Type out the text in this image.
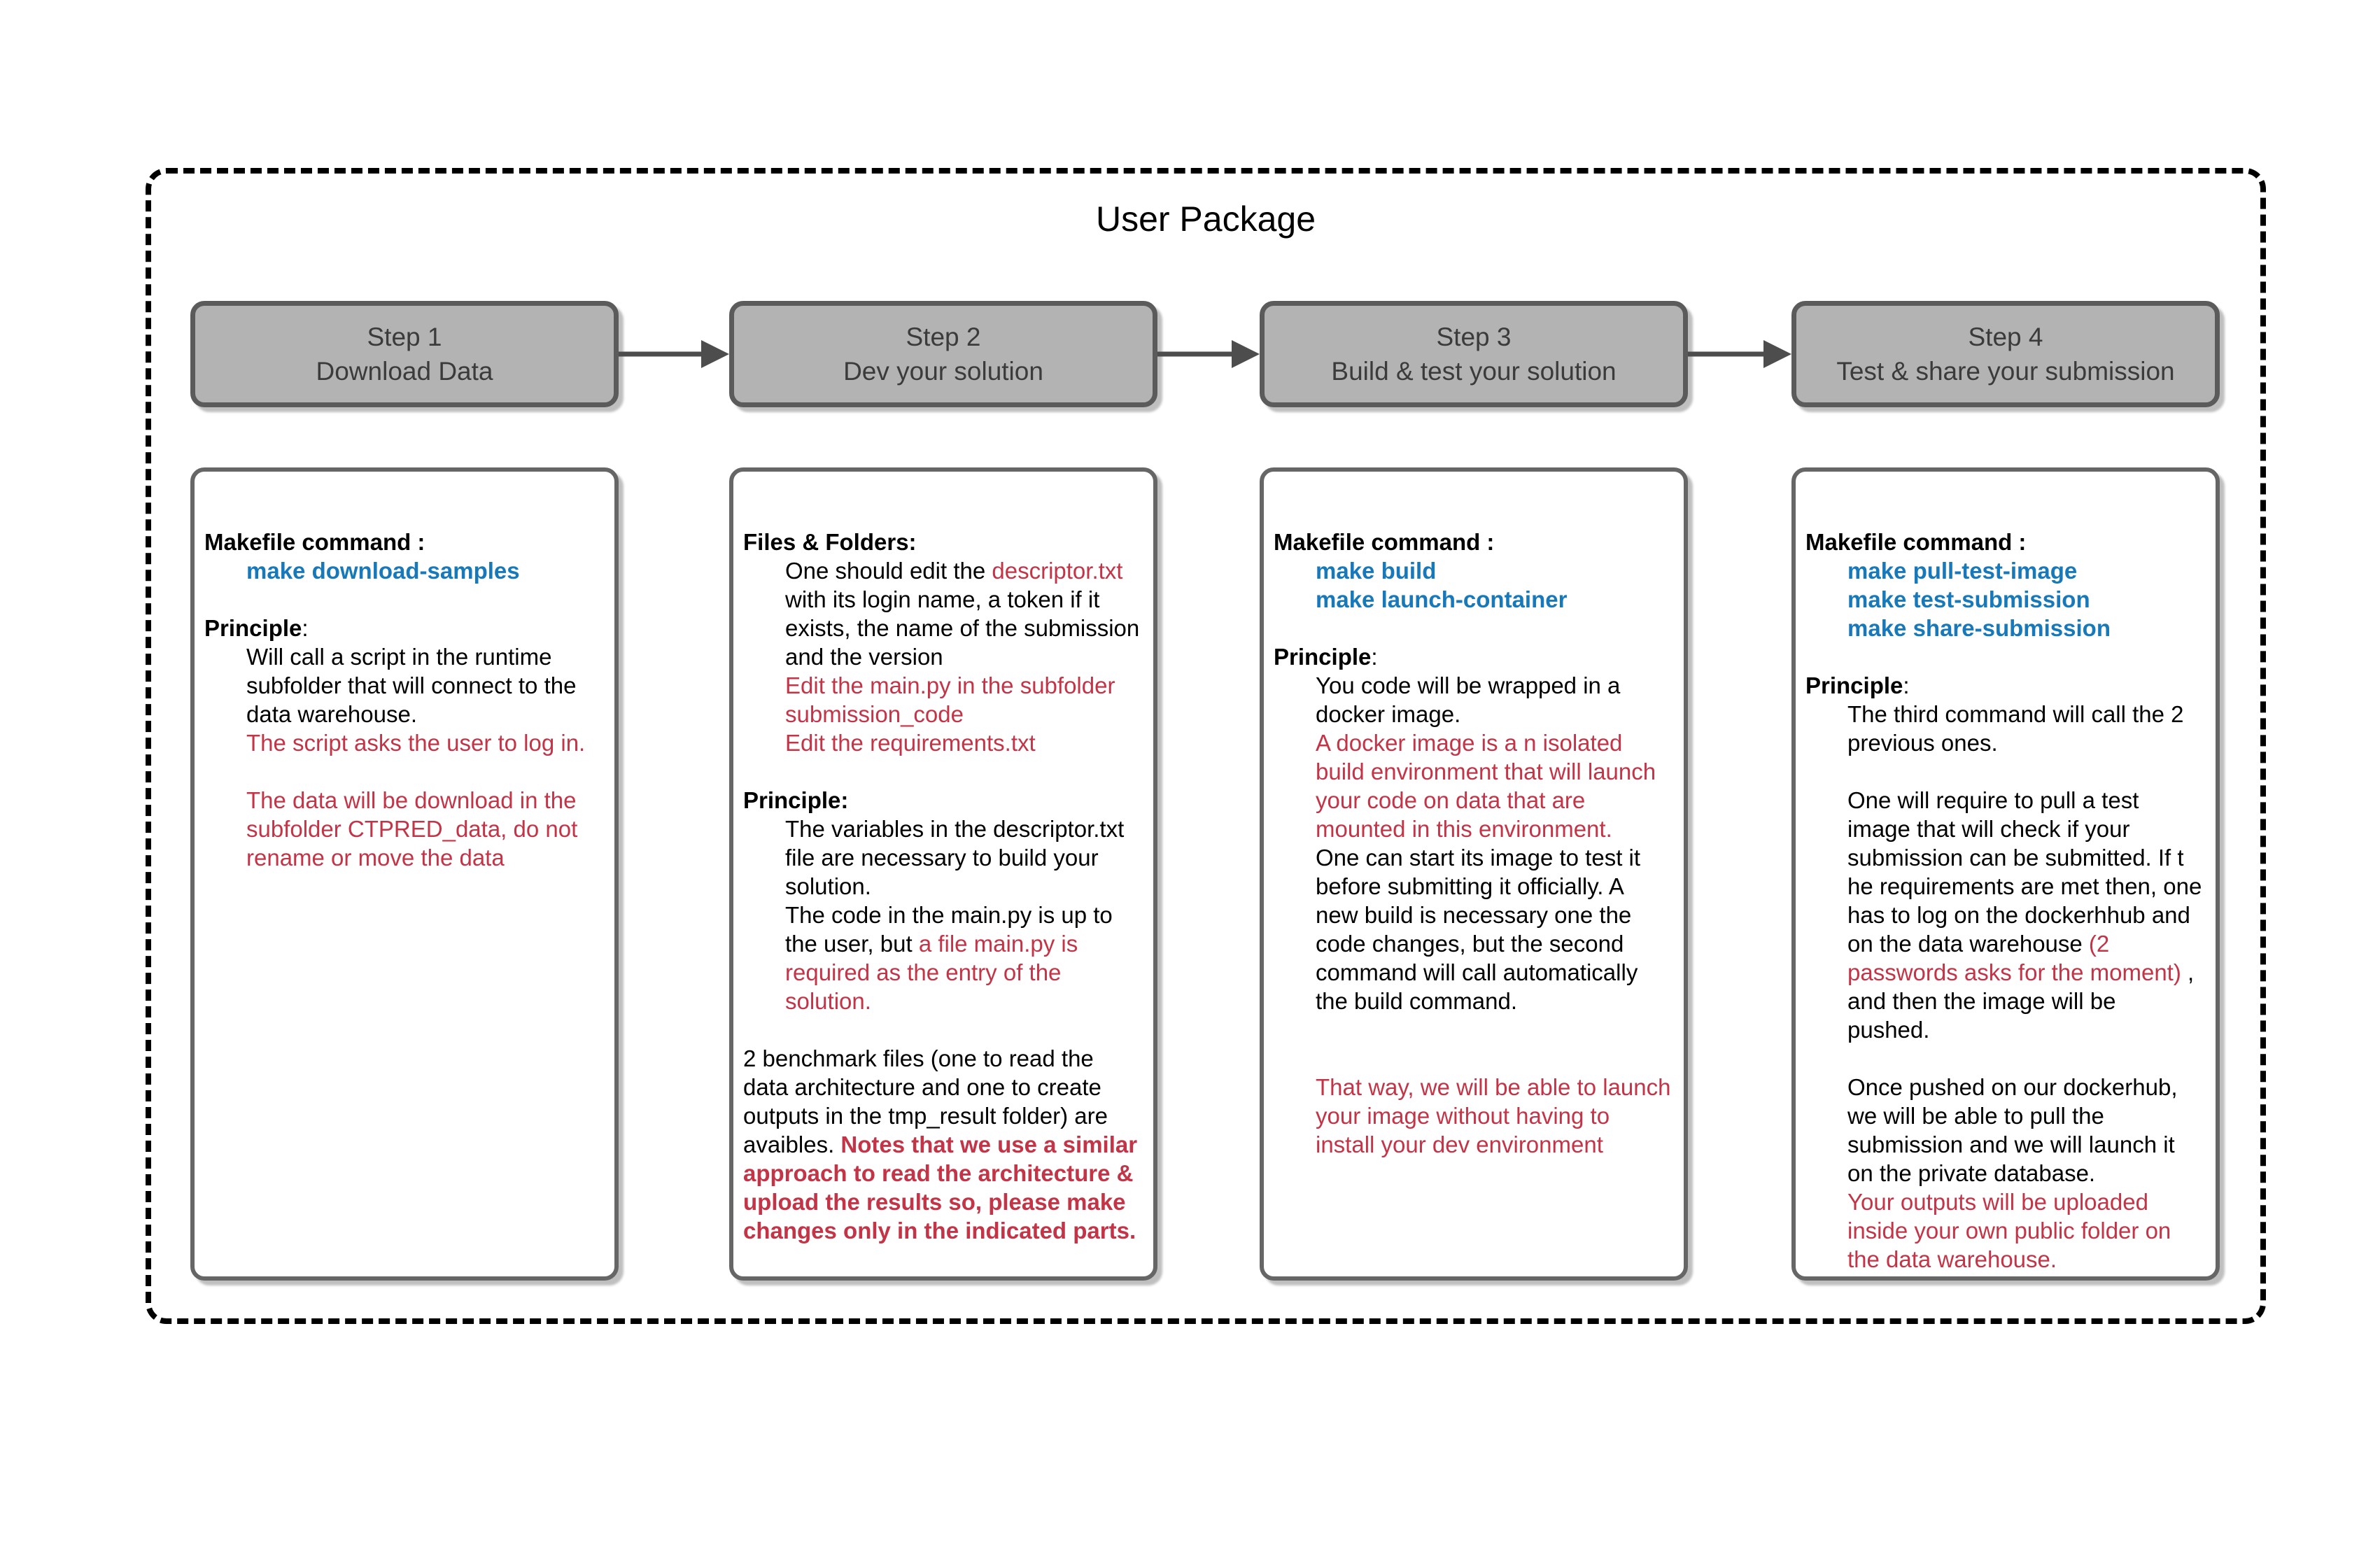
User Package
Step 1
Download Data
Makefile command :
make download-samples
Principle:
Will call a script in the runtime subfolder that will connect to the data warehouse.
The script asks the user to log in.
The data will be download in the subfolder CTPRED_data, do not rename or move the data
Step 2
Dev your solution
Files & Folders:
One should edit the descriptor.txt with its login name, a token if it exists, the name of the submission and the version
Edit the main.py in the subfolder submission_code
Edit the requirements.txt
Principle:
The variables in the descriptor.txt file are necessary to build your solution.
The code in the main.py is up to the user, but a file main.py is required as the entry of the solution.
2 benchmark files (one to read the data architecture and one to create outputs in the tmp_result folder) are avaibles. Notes that we use a similar approach to read the architecture & upload the results so, please make changes only in the indicated parts.
Step 3
Build & test your solution
Makefile command :
make build
make launch-container
Principle:
You code will be wrapped in a docker image.
A docker image is a n isolated build environment that will launch your code on data that are mounted in this environment.
One can start its image to test it before submitting it officially. A new build is necessary one the code changes, but the second command will call automatically the build command.
That way, we will be able to launch your image without having to install your dev environment
Step 4
Test & share your submission
Makefile command :
make pull-test-image
make test-submission
make share-submission
Principle:
The third command will call the 2 previous ones.
One will require to pull a test image that will check if your submission can be submitted. If t he requirements are met then, one has to log on the dockerhhub and on the data warehouse (2 passwords asks for the moment) , and then the image will be pushed.
Once pushed on our dockerhub, we will be able to pull the submission and we will launch it on the private database.
Your outputs will be uploaded inside your own public folder on the data warehouse.
